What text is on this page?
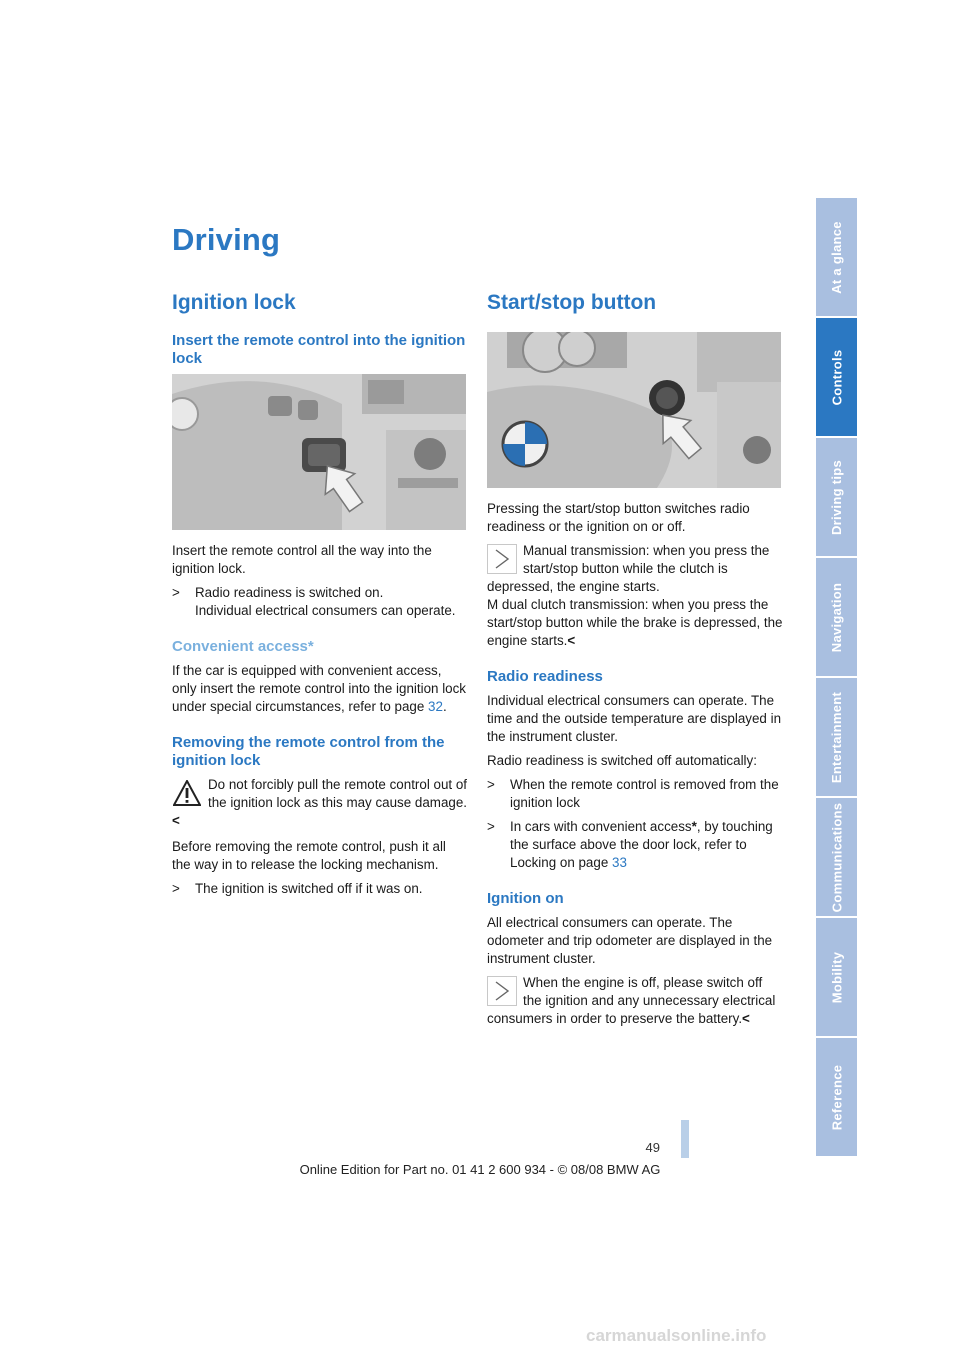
Driving
Ignition lock
Insert the remote control into the ignition lock

Insert the remote control all the way into the ignition lock.

> Radio readiness is switched on.
Individual electrical consumers can operate.
Convenient access*

If the car is equipped with convenient access, only insert the remote control into the ignition lock under special circumstances, refer to page 32.

Removing the remote control from the ignition lock
Do not forcibly pull the remote control out of the ignition lock as this may cause damage.<

Before removing the remote control, push it all the way in to release the locking mechanism.

> The ignition is switched off if it was on.
Start/stop button

Pressing the start/stop button switches radio readiness or the ignition on or off.

Manual transmission: when you press the start/stop button while the clutch is depressed, the engine starts.
M dual clutch transmission: when you press the start/stop button while the brake is depressed, the engine starts.<
Radio readiness

Individual electrical consumers can operate. The time and the outside temperature are displayed in the instrument cluster.

Radio readiness is switched off automatically:

> When the remote control is removed from the ignition lock
> In cars with convenient access*, by touching the surface above the door lock, refer to Locking on page 33
Ignition on

All electrical consumers can operate. The odometer and trip odometer are displayed in the instrument cluster.

When the engine is off, please switch off the ignition and any unnecessary electrical consumers in order to preserve the battery.<
At a glance
Controls
Driving tips
Navigation
Entertainment
Communications
Mobility
Reference
49
Online Edition for Part no. 01 41 2 600 934 - © 08/08 BMW AG
carmanualsonline.info
